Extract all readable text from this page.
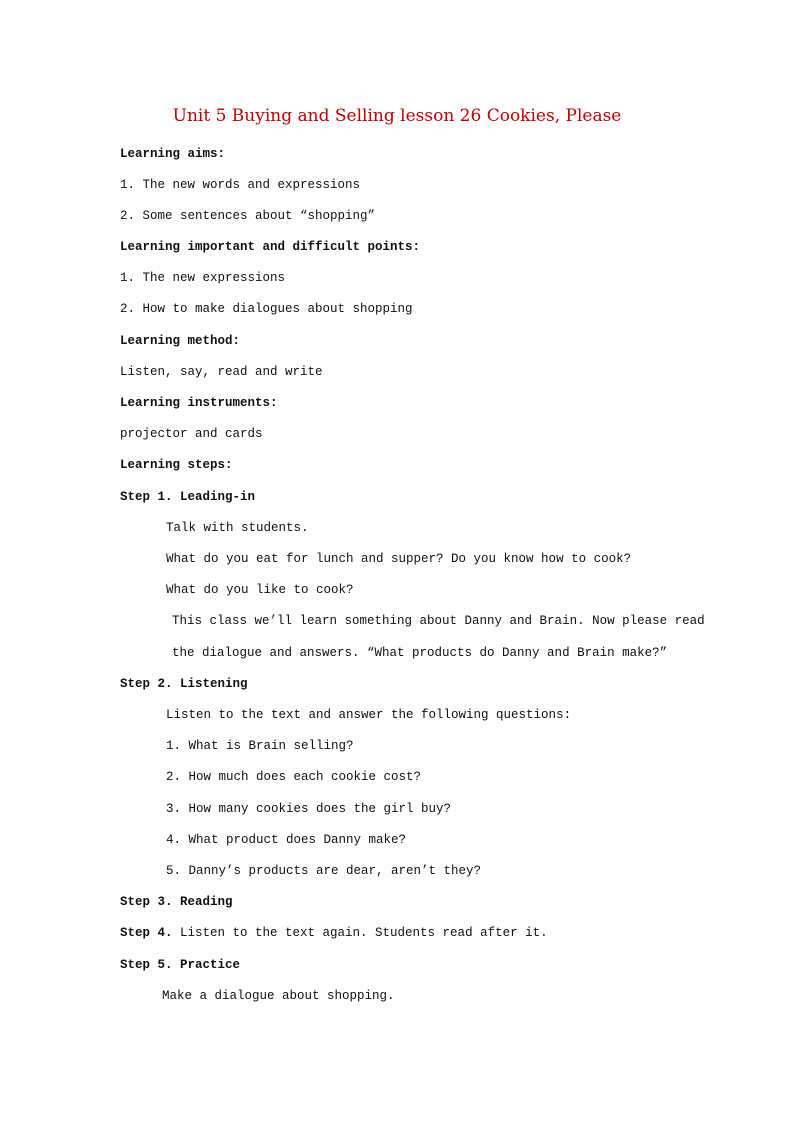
Unit 5 Buying and Selling lesson 26 Cookies, Please
Learning aims:
1. The new words and expressions
2. Some sentences about “shopping”
Learning important and difficult points:
1. The new expressions
2. How to make dialogues about shopping
Learning method:
Listen, say, read and write
Learning instruments:
projector and cards
Learning steps:
Step 1. Leading-in
Talk with students.
What do you eat for lunch and supper? Do you know how to cook?
What do you like to cook?
This class we’ll learn something about Danny and Brain. Now please read
the dialogue and answers. “What products do Danny and Brain make?”
Step 2. Listening
Listen to the text and answer the following questions:
1. What is Brain selling?
2. How much does each cookie cost?
3. How many cookies does the girl buy?
4. What product does Danny make?
5. Danny’s products are dear, aren’t they?
Step 3. Reading
Step 4. Listen to the text again. Students read after it.
Step 5. Practice
Make a dialogue about shopping.
